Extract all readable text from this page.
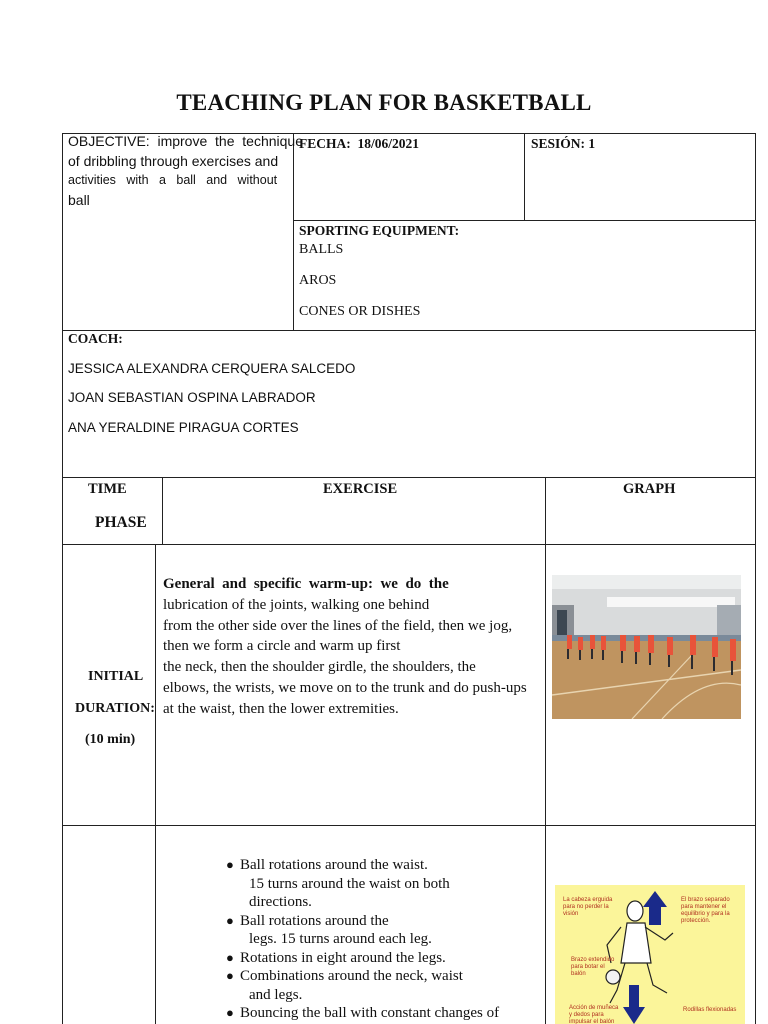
TEACHING PLAN FOR BASKETBALL
OBJECTIVE:  improve  the  technique
of dribbling through exercises and
activities   with   a   ball   and   without
ball
FECHA:  18/06/2021	SESIÓN: 1
SPORTING EQUIPMENT:
BALLS
AROS
CONES OR DISHES
COACH:
JESSICA ALEXANDRA CERQUERA SALCEDO
JOAN SEBASTIAN OSPINA LABRADOR
ANA YERALDINE PIRAGUA CORTES
TIME
PHASE
EXERCISE	GRAPH
INITIAL
DURATION:
(10 min)
General  and  specific  warm-up:  we  do  the
lubrication of the joints, walking one behind
from the other side over the lines of the field, then we jog,
then we form a circle and warm up first
the neck, then the shoulder girdle, the shoulders, the
elbows, the wrists, we move on to the trunk and do push-ups
at the waist, then the lower extremities.
● Ball rotations around the waist.
15 turns around the waist on both
directions.
● Ball rotations around the
legs. 15 turns around each leg.
● Rotations in eight around the legs.
● Combinations around the neck, waist
and legs.
● Bouncing the ball with constant changes of
La cabeza erguida para no perder la visión
El brazo separado para mantener el equilibrio y para la protección.
Brazo extendido para botar el balón
Acción de muñeca y dedos para impulsar el balón
Rodillas flexionadas
